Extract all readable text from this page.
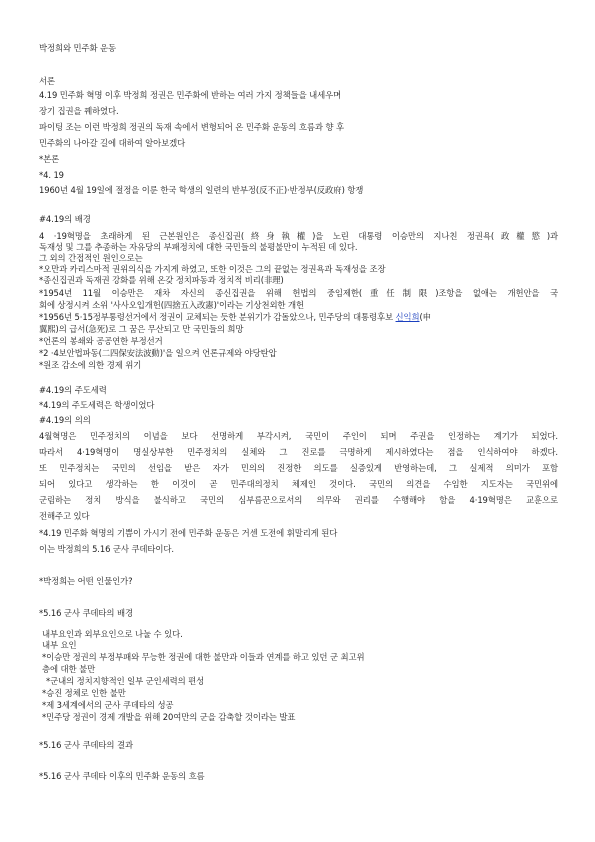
박정희와 민주화 운동
서론
4.19 민주화 혁명 이후 박정희 정권은 민주화에 반하는 여러 가지 정책들을 내세우며
장기 집권을 꿰하였다.
파이팅 조는 이런 박정희 정권의 독재 속에서 변형되어 온 민주화 운동의 흐름과 향 후
민주화의 나아갈 길에 대하여 알아보겠다
*본론
*4. 19
1960년 4월 19일에 절정을 이룬 한국 학생의 일련의 반부정(反不正)·반정부(反政府) 항쟁
#4.19의 배경
4 ·19혁명을 초래하게 된 근본원인은 종신집권(終身執權)을 노린 대통령 이승만의 지나친 정권욕(政權慾)과
독재성 및 그를 추종하는 자유당의 부패정치에 대한 국민들의 불평불만이 누적된 데 있다.
그 외의 간접적인 원인으로는
*오만과 카리스마적 권위의식을 가지게 하였고, 또한 이것은 그의 끝없는 정권욕과 독재성을 조장
*종신집권과 독재권 강화를 위해 온갖 정치파동과 정치적 비리(非理)
*1954년 11월 이승만은 재차 자신의 종신집권을 위해 헌법의 중임제한(重任制限)조항을 없애는 개헌안을 국
회에 상정시켜 소위 '사사오입개헌(四捨五入改憲)'이라는 기상천외한 개헌
*1956년 5·15정부통령선거에서 정권이 교체되는 듯한 분위기가 감돌았으나, 민주당의 대통령후보 신익희(申
翼熙)의 급서(急死)로 그 꿈은 무산되고 만 국민들의 희망
*언론의 봉쇄와 공공연한 부정선거
*2 ·4보안법파동(二四保安法波動)'을 일으켜 언론규제와 야당탄압
*원조 감소에 의한 경제 위기
#4.19의 주도세력
*4.19의 주도세력은 학생이었다
#4.19의 의의
4월혁명은 민주정치의 이념을 보다 선명하게 부각시켜, 국민이 주인이 되며 주권을 인정하는 계기가 되었다.
따라서 4·19혁명이 명실상부한 민주정치의 실체와 그 진로를 극명하게 제시하였다는 점을 인식하여야 하겠다.
또 민주정치는 국민의 선임을 받은 자가 민의의 진정한 의도를 실증있게 반영하는데, 그 실제적 의미가 포함
되어 있다고 생각하는 한 이것이 곧 민주대의정치 체제인 것이다. 국민의 의견을 수임한 지도자는 국민위에
군림하는 정치 방식을 불식하고 국민의 심부름꾼으로서의 의무와 권리를 수행해야 함을 4·19혁명은 교훈으로
전해주고 있다
*4.19 민주화 혁명의 기쁨이 가시기 전에 민주화 운동은 거센 도전에 휘말리게 된다
이는 박정희의 5.16 군사 쿠데타이다.
*박정희는 어떤 인물인가?
*5.16 군사 쿠데타의 배경
내부요인과 외부요인으로 나눌 수 있다.
내부 요인
*이승만 정권의 부정부패와 무능한 정권에 대한 불만과 이들과 연계를 하고 있던 군 최고위
층에 대한 불만
*군내의 정치지향적인 일부 군인세력의 편성
*승진 정체로 인한 불만
*제 3세계에서의 군사 쿠데타의 성공
*민주당 정권이 경제 개발을 위해 20여만의 군을 감축할 것이라는 발표
*5.16 군사 쿠데타의 결과
*5.16 군사 쿠데타 이후의 민주화 운동의 흐름
